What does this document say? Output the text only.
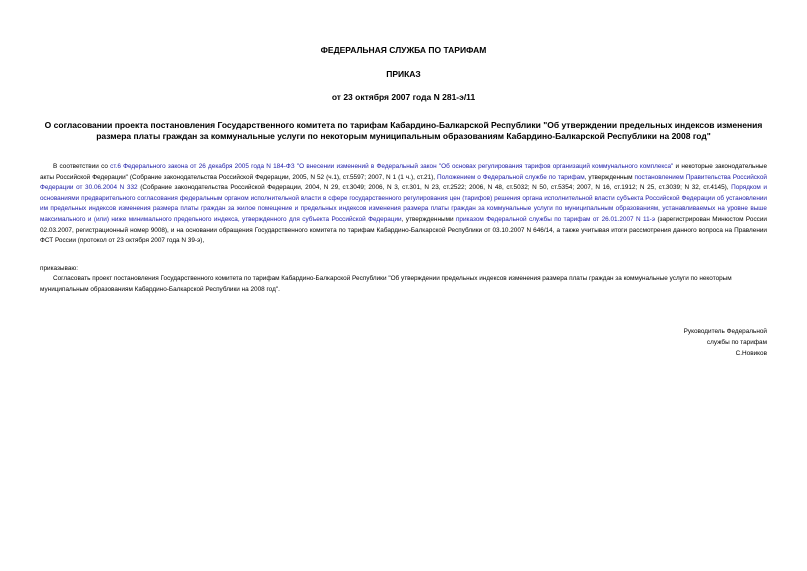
ФЕДЕРАЛЬНАЯ СЛУЖБА ПО ТАРИФАМ
ПРИКАЗ
от 23 октября 2007 года N 281-э/11
О согласовании проекта постановления Государственного комитета по тарифам Кабардино-Балкарской Республики "Об утверждении предельных индексов изменения размера платы граждан за коммунальные услуги по некоторым муниципальным образованиям Кабардино-Балкарской Республики на 2008 год"
В соответствии со ст.6 Федерального закона от 26 декабря 2005 года N 184-ФЗ "О внесении изменений в Федеральный закон "Об основах регулирования тарифов организаций коммунального комплекса" и некоторые законодательные акты Российской Федерации" (Собрание законодательства Российской Федерации, 2005, N 52 (ч.1), ст.5597; 2007, N 1 (1 ч.), ст.21), Положением о Федеральной службе по тарифам, утвержденным постановлением Правительства Российской Федерации от 30.06.2004 N 332 (Собрание законодательства Российской Федерации, 2004, N 29, ст.3049; 2006, N 3, ст.301, N 23, ст.2522; 2006, N 48, ст.5032; N 50, ст.5354; 2007, N 16, ст.1912; N 25, ст.3039; N 32, ст.4145), Порядком и основаниями предварительного согласования федеральным органом исполнительной власти в сфере государственного регулирования цен (тарифов) решения органа исполнительной власти субъекта Российской Федерации об установлении им предельных индексов изменения размера платы граждан за жилое помещение и предельных индексов изменения размера платы граждан за коммунальные услуги по муниципальным образованиям, устанавливаемых на уровне выше максимального и (или) ниже минимального предельного индекса, утвержденного для субъекта Российской Федерации, утвержденными приказом Федеральной службы по тарифам от 26.01.2007 N 11-э (зарегистрирован Минюстом России 02.03.2007, регистрационный номер 9008), и на основании обращения Государственного комитета по тарифам Кабардино-Балкарской Республики от 03.10.2007 N 646/14, а также учитывая итоги рассмотрения данного вопроса на Правлении ФСТ России (протокол от 23 октября 2007 года N 39-э),
приказываю:
Согласовать проект постановления Государственного комитета по тарифам Кабардино-Балкарской Республики "Об утверждении предельных индексов изменения размера платы граждан за коммунальные услуги по некоторым муниципальным образованиям Кабардино-Балкарской Республики на 2008 год".
Руководитель Федеральной
службы по тарифам
С.Новиков
